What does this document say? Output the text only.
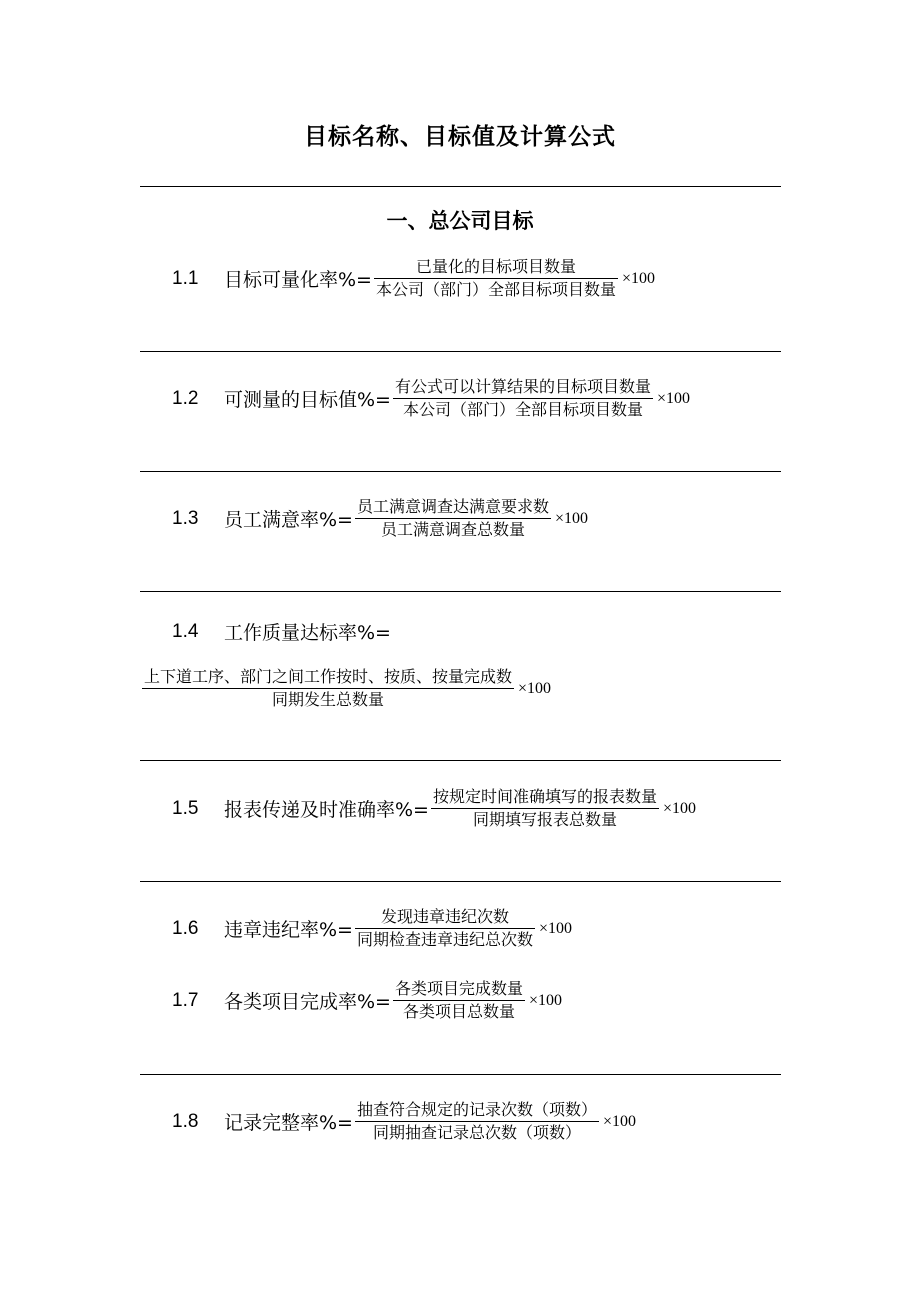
目标名称、目标值及计算公式
一、总公司目标
1.1	目标可量化率%= $\frac{\text{已量化的目标项目数量}}{\text{本公司（部门）全部目标项目数量}} \times 100$
1.2	可测量的目标值%= $\frac{\text{有公式可以计算结果的目标项目数量}}{\text{本公司（部门）全部目标项目数量}} \times 100$
1.3	员工满意率%= $\frac{\text{员工满意调查达满意要求数}}{\text{员工满意调查总数量}} \times 100$
1.4	工作质量达标率%=
$\frac{\text{上下道工序、部门之间工作按时、按质、按量完成数}}{\text{同期发生总数量}} \times 100$
1.5	报表传递及时准确率%= $\frac{\text{按规定时间准确填写的报表数量}}{\text{同期填写报表总数量}} \times 100$
1.6	违章违纪率%= $\frac{\text{发现违章违纪次数}}{\text{同期检查违章违纪总次数}} \times 100$
1.7	各类项目完成率%= $\frac{\text{各类项目完成数量}}{\text{各类项目总数量}} \times 100$
1.8	记录完整率%= $\frac{\text{抽查符合规定的记录次数（项数）}}{\text{同期抽查记录总次数（项数）}} \times 100$
